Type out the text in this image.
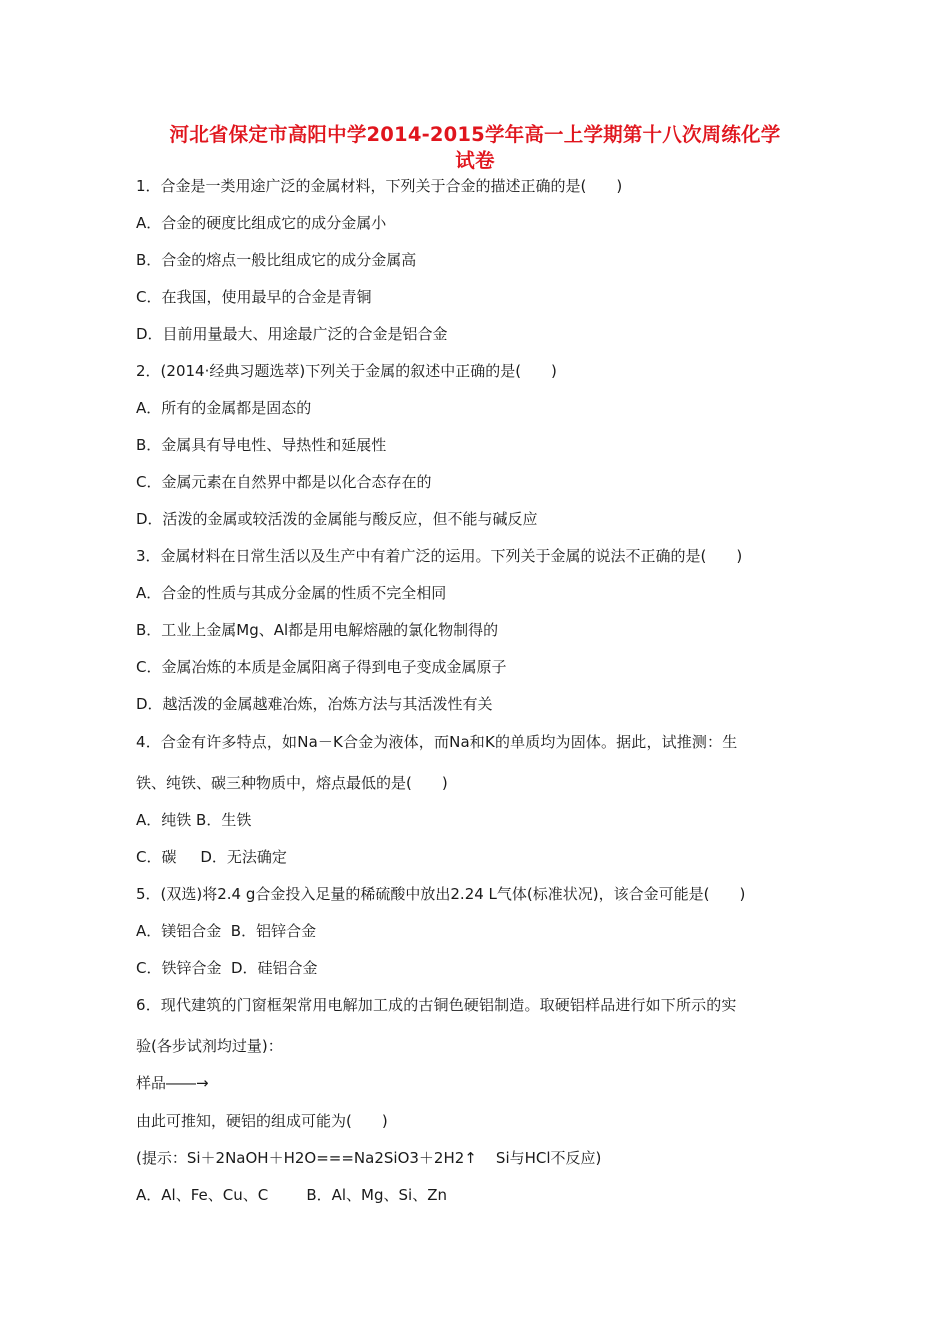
河北省保定市高阳中学2014-2015学年高一上学期第十八次周练化学
试卷
1．合金是一类用途广泛的金属材料，下列关于合金的描述正确的是(　　)
A．合金的硬度比组成它的成分金属小
B．合金的熔点一般比组成它的成分金属高
C．在我国，使用最早的合金是青铜
D．目前用量最大、用途最广泛的合金是铝合金
2．(2014·经典习题选萃)下列关于金属的叙述中正确的是(　　)
A．所有的金属都是固态的
B．金属具有导电性、导热性和延展性
C．金属元素在自然界中都是以化合态存在的
D．活泼的金属或较活泼的金属能与酸反应，但不能与碱反应
3．金属材料在日常生活以及生产中有着广泛的运用。下列关于金属的说法不正确的是(　　)
A．合金的性质与其成分金属的性质不完全相同
B．工业上金属Mg、Al都是用电解熔融的氯化物制得的
C．金属冶炼的本质是金属阳离子得到电子变成金属原子
D．越活泼的金属越难冶炼，冶炼方法与其活泼性有关
4．合金有许多特点，如Na－K合金为液体，而Na和K的单质均为固体。据此，试推测：生
铁、纯铁、碳三种物质中，熔点最低的是(　　)
A．纯铁 B．生铁
C．碳     D．无法确定
5．(双选)将2.4 g合金投入足量的稀硫酸中放出2.24 L气体(标准状况)，该合金可能是(　　)
A．镁铝合金  B．铝锌合金
C．铁锌合金  D．硅铝合金
6．现代建筑的门窗框架常用电解加工成的古铜色硬铝制造。取硬铝样品进行如下所示的实
验(各步试剂均过量)：
样品――→
由此可推知，硬铝的组成可能为(　　)
(提示：Si＋2NaOH＋H2O===Na2SiO3＋2H2↑    Si与HCl不反应)
A．Al、Fe、Cu、C        B．Al、Mg、Si、Zn
